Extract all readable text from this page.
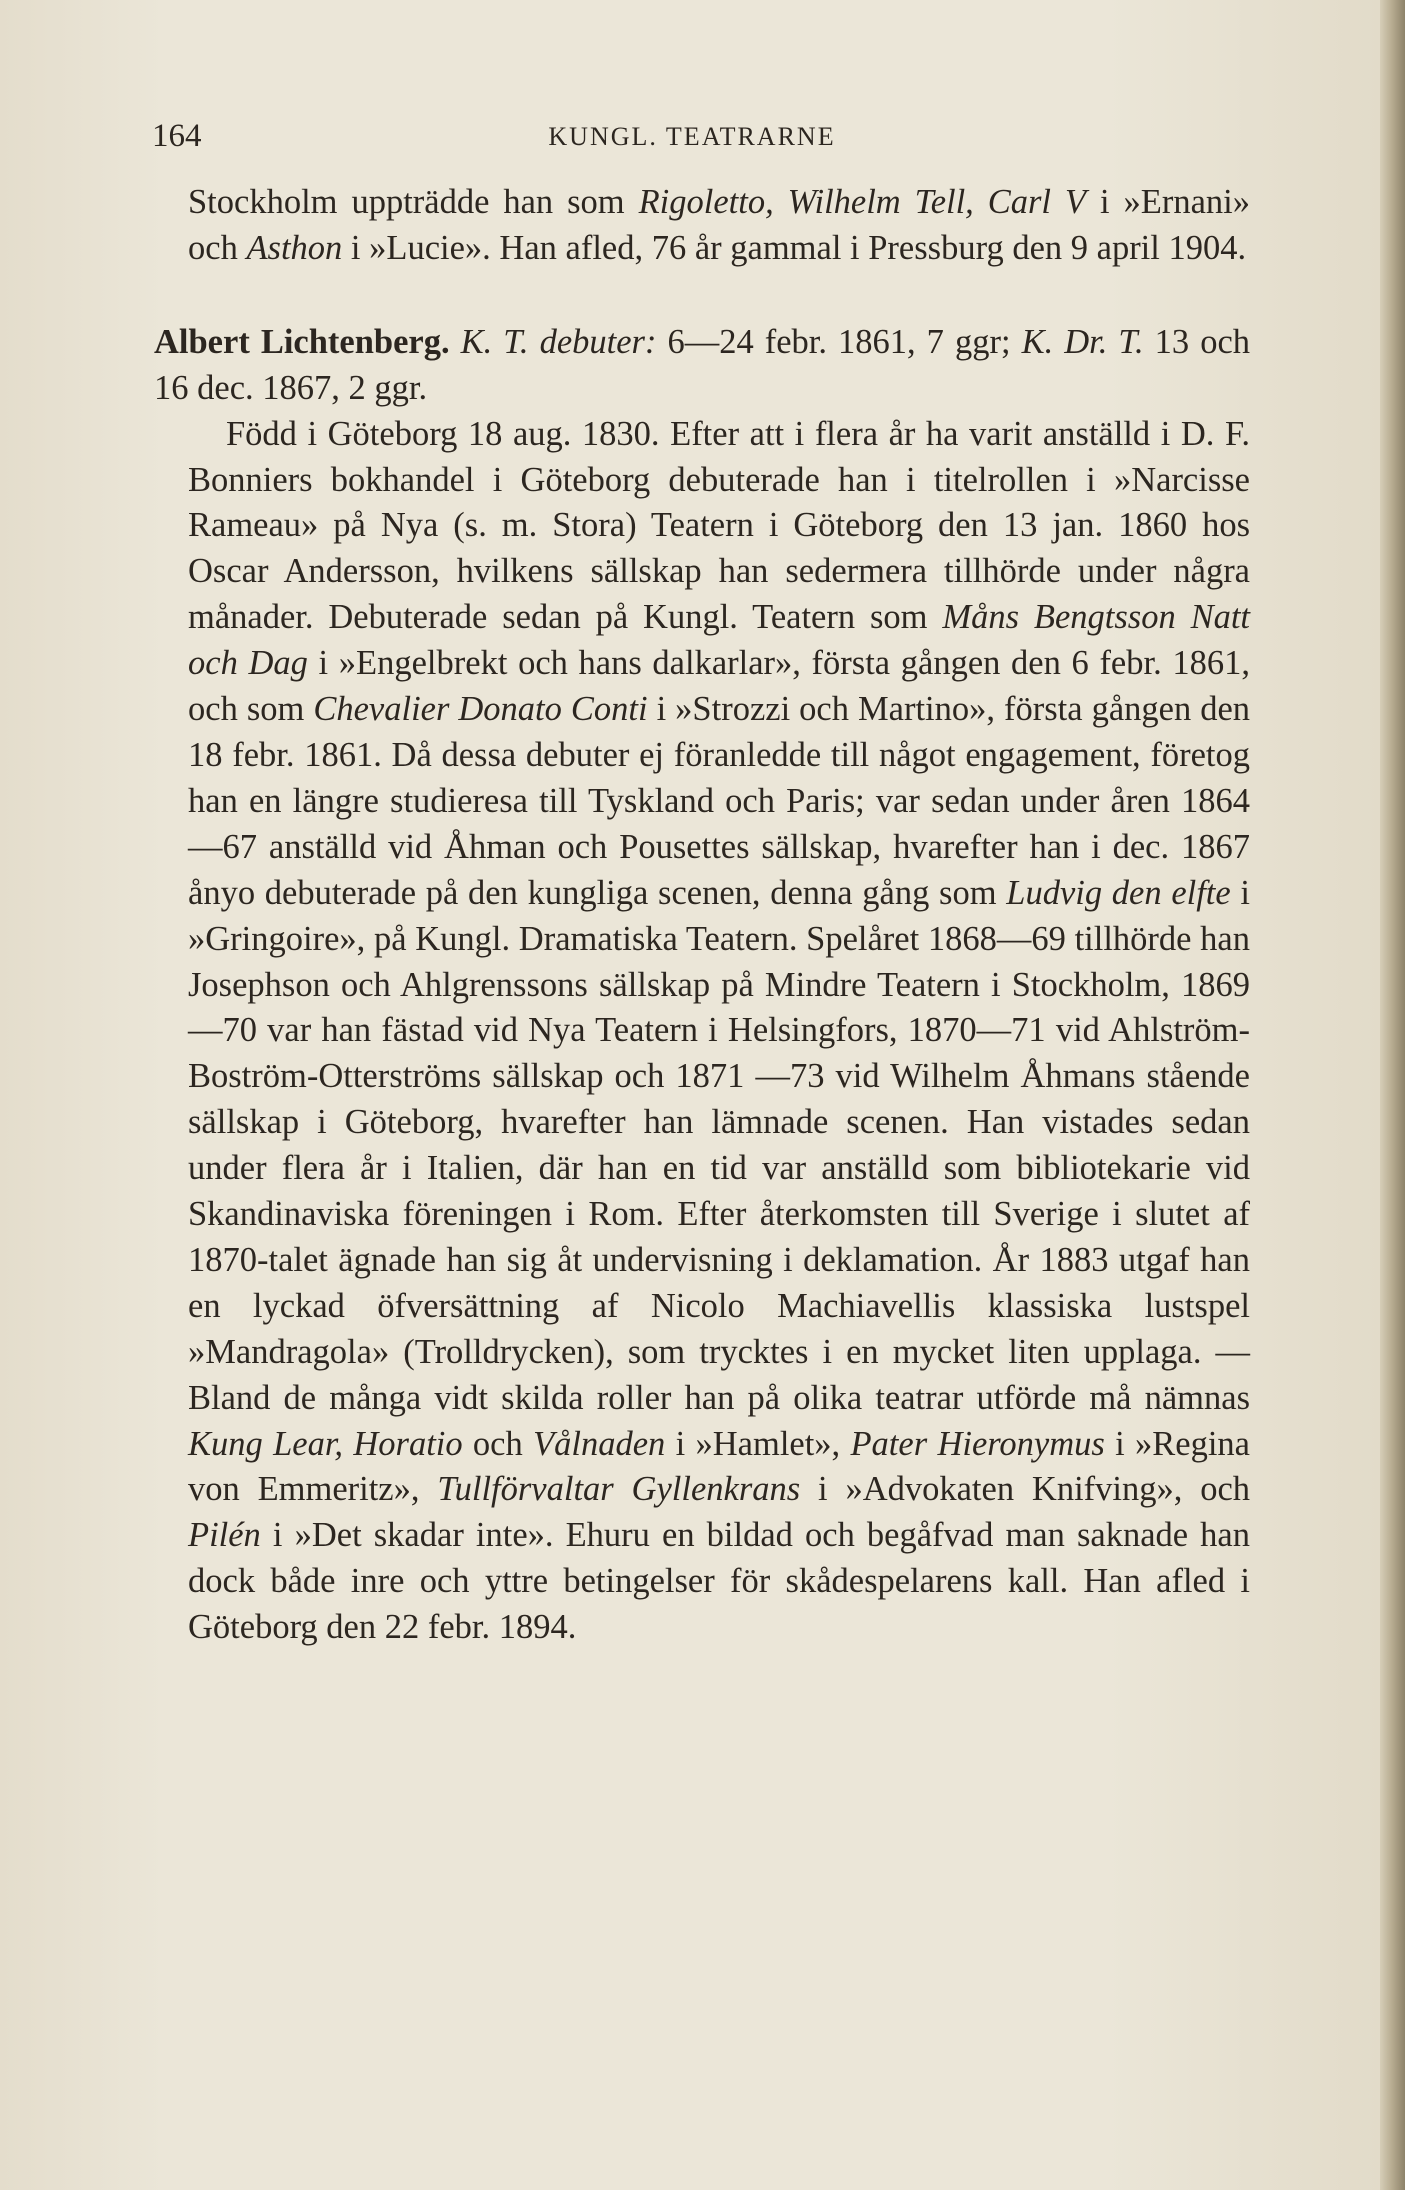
164	KUNGL. TEATRARNE

Stockholm uppträdde han som Rigoletto, Wilhelm Tell, Carl V i »Ernani» och Asthon i »Lucie». Han afled, 76 år gammal i Pressburg den 9 april 1904.

Albert Lichtenberg. K. T. debuter: 6—24 febr. 1861, 7 ggr; K. Dr. T. 13 och 16 dec. 1867, 2 ggr.

Född i Göteborg 18 aug. 1830. Efter att i flera år ha varit anställd i D. F. Bonniers bokhandel i Göteborg debuterade han i titelrollen i »Narcisse Rameau» på Nya (s. m. Stora) Teatern i Göteborg den 13 jan. 1860 hos Oscar Andersson, hvilkens sällskap han sedermera tillhörde under några månader. Debuterade sedan på Kungl. Teatern som Måns Bengtsson Natt och Dag i »Engelbrekt och hans dalkarlar», första gången den 6 febr. 1861, och som Chevalier Donato Conti i »Strozzi och Martino», första gången den 18 febr. 1861. Då dessa debuter ej föranledde till något engagement, företog han en längre studieresa till Tyskland och Paris; var sedan under åren 1864—67 anställd vid Åhman och Pousettes sällskap, hvarefter han i dec. 1867 ånyo debuterade på den kungliga scenen, denna gång som Ludvig den elfte i »Gringoire», på Kungl. Dramatiska Teatern. Spelåret 1868—69 tillhörde han Josephson och Ahlgrenssons sällskap på Mindre Teatern i Stockholm, 1869—70 var han fästad vid Nya Teatern i Helsingfors, 1870—71 vid Ahlström-Boström-Otterströms sällskap och 1871 —73 vid Wilhelm Åhmans stående sällskap i Göteborg, hvarefter han lämnade scenen. Han vistades sedan under flera år i Italien, där han en tid var anställd som bibliotekarie vid Skandinaviska föreningen i Rom. Efter återkomsten till Sverige i slutet af 1870-talet ägnade han sig åt undervisning i deklamation. År 1883 utgaf han en lyckad öfversättning af Nicolo Machiavellis klassiska lustspel »Mandragola» (Trolldrycken), som trycktes i en mycket liten upplaga. — Bland de många vidt skilda roller han på olika teatrar utförde må nämnas Kung Lear, Horatio och Vålnaden i »Hamlet», Pater Hieronymus i »Regina von Emmeritz», Tullförvaltar Gyllenkrans i »Advokaten Knifving», och Pilén i »Det skadar inte». Ehuru en bildad och begåfvad man saknade han dock både inre och yttre betingelser för skådespelarens kall. Han afled i Göteborg den 22 febr. 1894.
